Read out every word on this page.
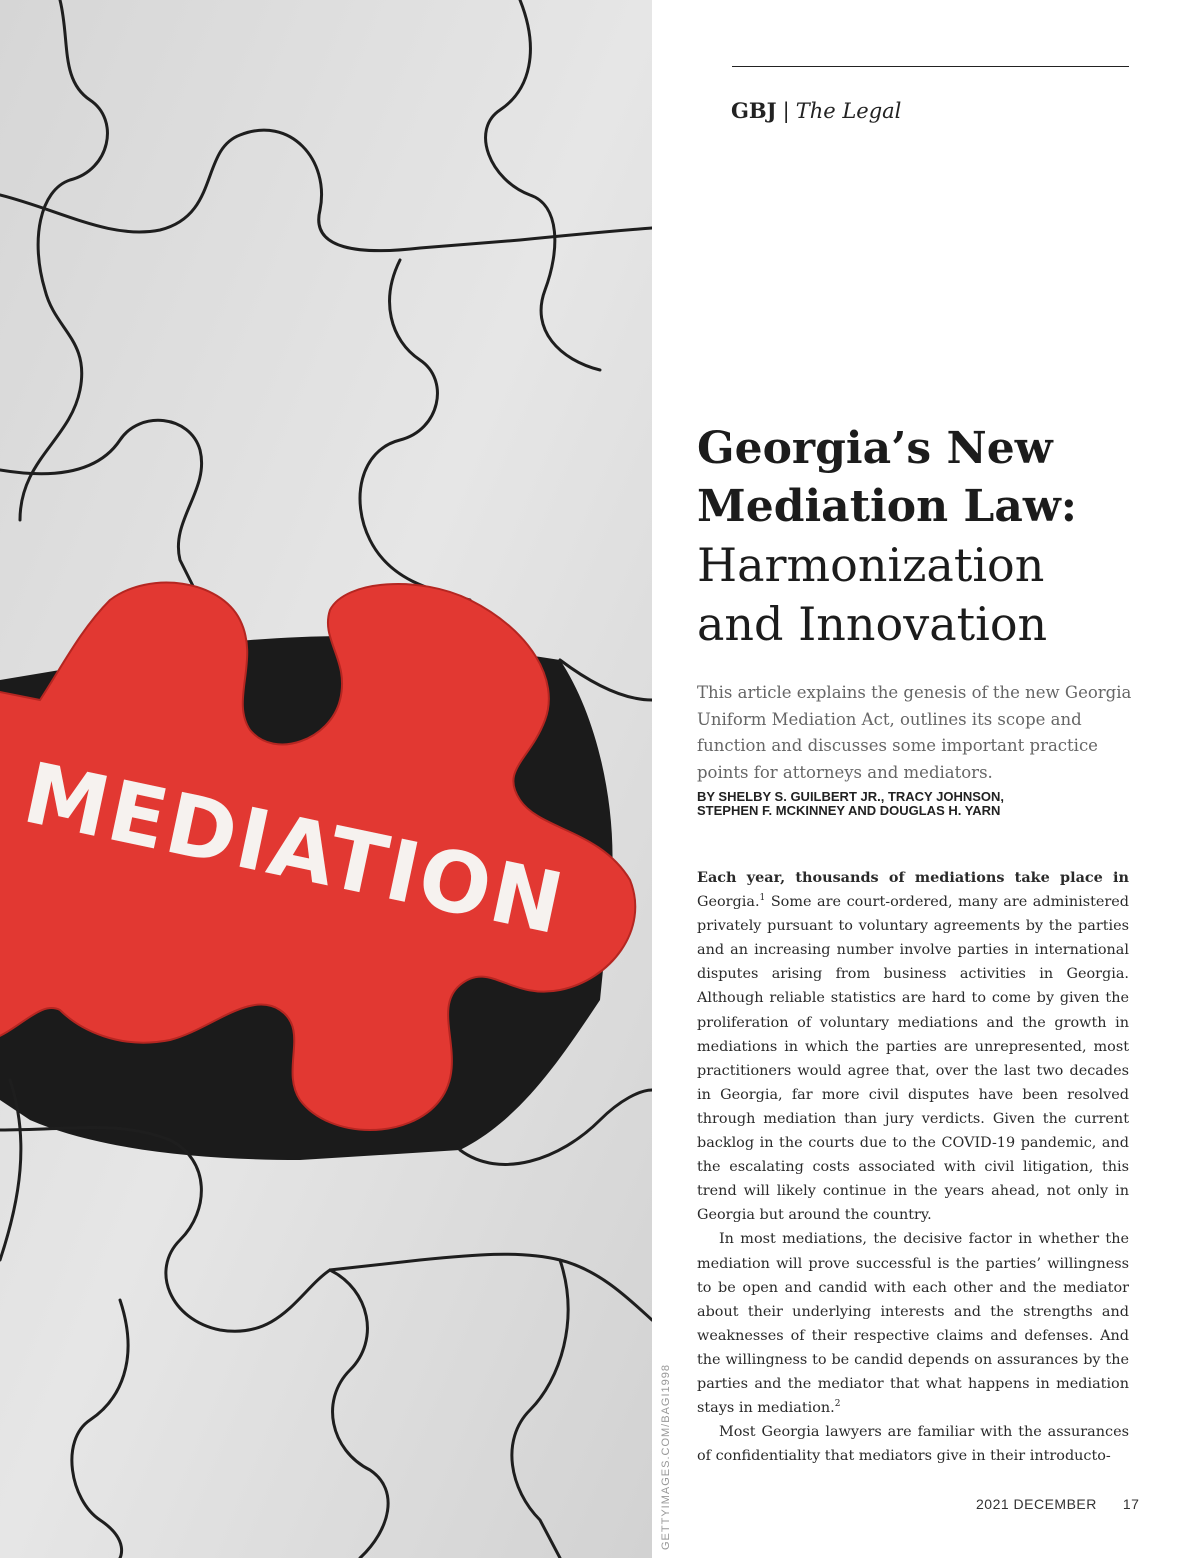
MEDIATION
GETTYIMAGES.COM/BAGI1998
GBJ | The Legal
Georgia’s New
Mediation Law:
Harmonization
and Innovation

This article explains the genesis of the new Georgia Uniform Mediation Act, outlines its scope and function and discusses some important practice points for attorneys and mediators.

BY SHELBY S. GUILBERT JR., TRACY JOHNSON,
STEPHEN F. MCKINNEY AND DOUGLAS H. YARN

Each year, thousands of mediations take place in Georgia.$^1$ Some are court-ordered, many are administered privately pursuant to voluntary agreements by the parties and an increasing number involve parties in international disputes arising from business activities in Georgia. Although reliable statistics are hard to come by given the proliferation of voluntary mediations and the growth in mediations in which the parties are unrepresented, most practitioners would agree that, over the last two decades in Georgia, far more civil disputes have been resolved through mediation than jury verdicts. Given the current backlog in the courts due to the COVID-19 pandemic, and the escalating costs associated with civil litigation, this trend will likely continue in the years ahead, not only in Georgia but around the country.

In most mediations, the decisive factor in whether the mediation will prove successful is the parties’ willingness to be open and candid with each other and the mediator about their underlying interests and the strengths and weaknesses of their respective claims and defenses. And the willingness to be candid depends on assurances by the parties and the mediator that what happens in mediation stays in mediation.$^2$

Most Georgia lawyers are familiar with the assurances of confidentiality that mediators give in their introducto-

2021 DECEMBER 17
